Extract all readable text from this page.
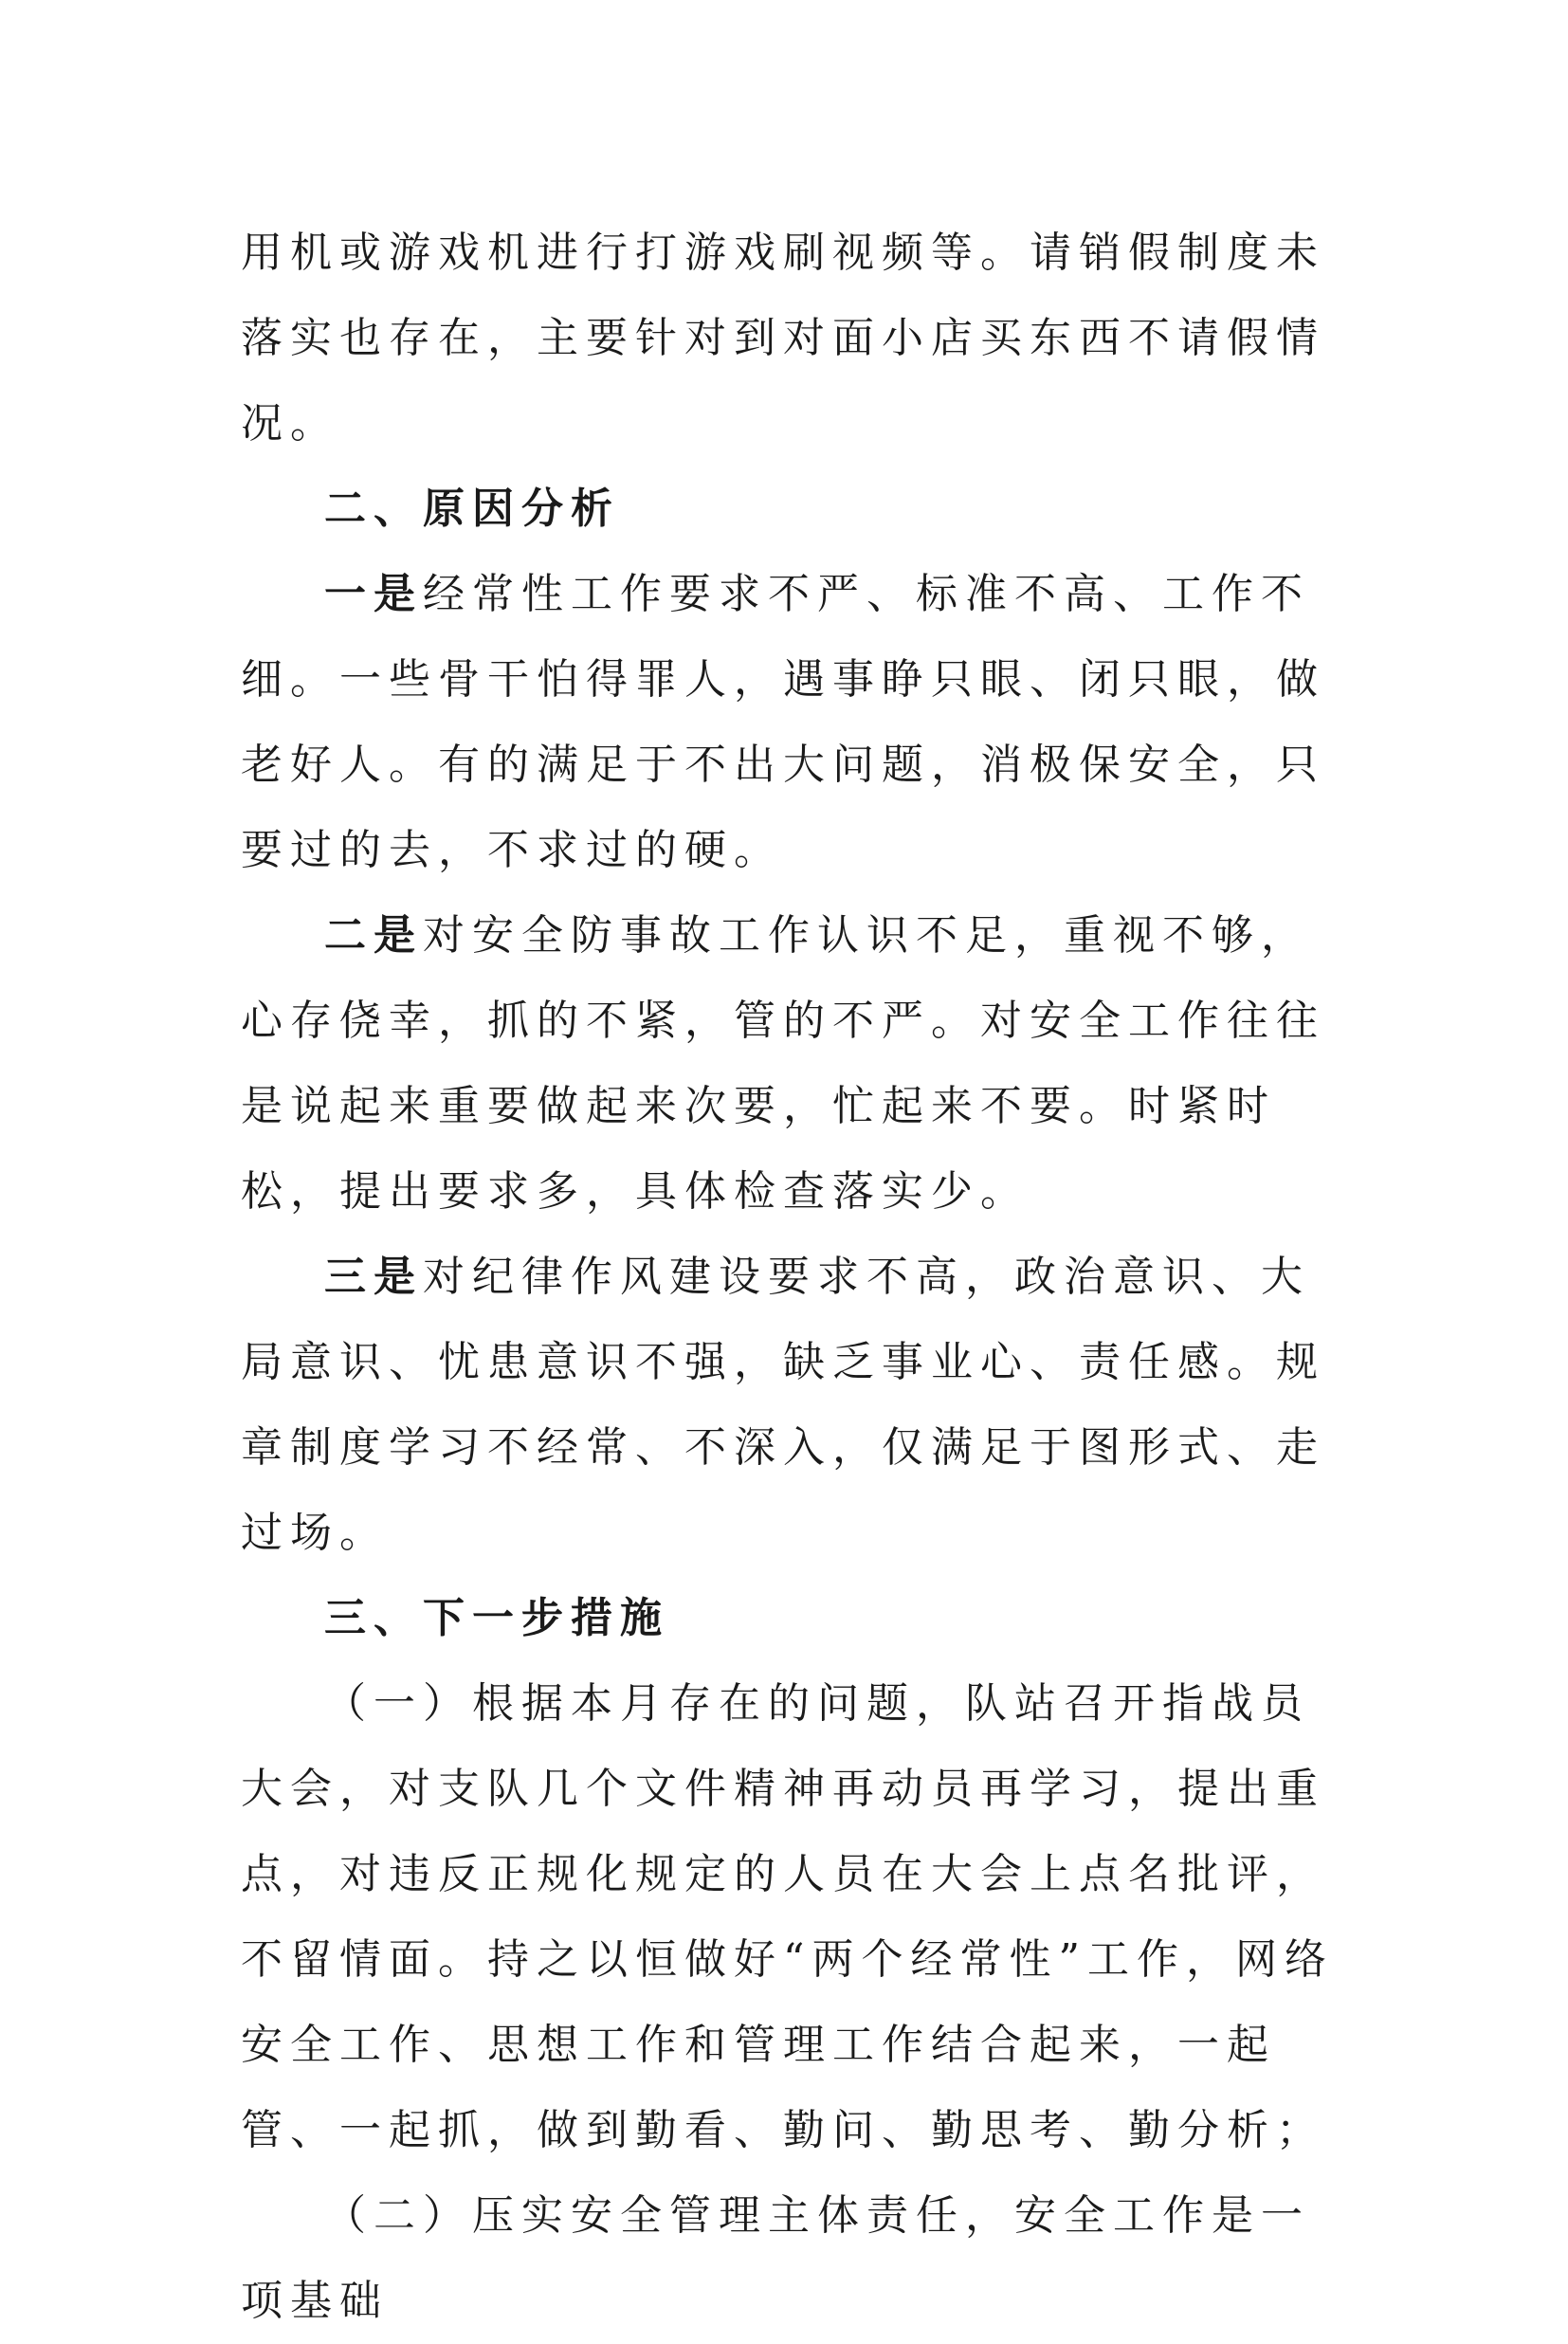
用机或游戏机进行打游戏刷视频等。请销假制度未落实也存在，主要针对到对面小店买东西不请假情况。

二、原因分析

一是经常性工作要求不严、标准不高、工作不细。一些骨干怕得罪人，遇事睁只眼、闭只眼，做老好人。有的满足于不出大问题，消极保安全，只要过的去，不求过的硬。

二是对安全防事故工作认识不足，重视不够，心存侥幸，抓的不紧，管的不严。对安全工作往往是说起来重要做起来次要，忙起来不要。时紧时松，提出要求多，具体检查落实少。

三是对纪律作风建设要求不高，政治意识、大局意识、忧患意识不强，缺乏事业心、责任感。规章制度学习不经常、不深入，仅满足于图形式、走过场。

三、下一步措施

（一）根据本月存在的问题，队站召开指战员大会，对支队几个文件精神再动员再学习，提出重点，对违反正规化规定的人员在大会上点名批评，不留情面。持之以恒做好“两个经常性”工作，网络安全工作、思想工作和管理工作结合起来，一起管、一起抓，做到勤看、勤问、勤思考、勤分析；

（二）压实安全管理主体责任，安全工作是一项基础
